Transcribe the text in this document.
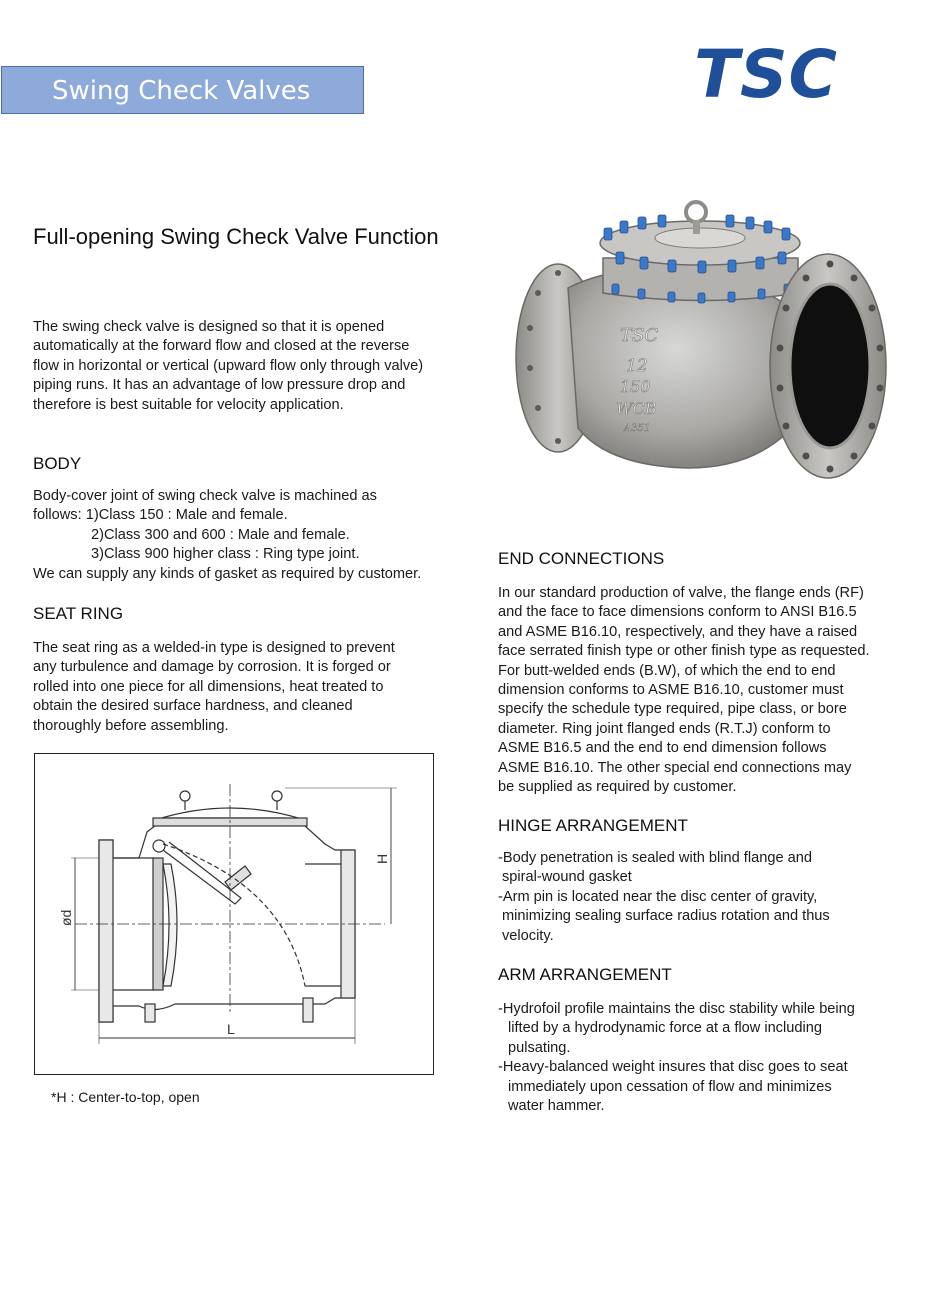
Swing Check Valves	TSC
Full-opening Swing Check Valve Function

The swing check valve is designed so that it is opened

automatically at the forward flow and closed at the reverse

flow in horizontal or vertical (upward flow only through valve)

piping runs. It has an advantage of low pressure drop and

therefore is best suitable for velocity application.

BODY

Body-cover joint of swing check valve is machined as

follows: 1)Class 150 : Male and female.

2)Class 300 and 600 : Male and female.

3)Class 900 higher class : Ring type joint.

We can supply any kinds of gasket as required by customer.

SEAT RING

The seat ring as a welded-in type is designed to prevent

any turbulence and damage by corrosion. It is forged or

rolled into one piece for all dimensions, heat treated to

obtain the desired surface hardness, and cleaned

thoroughly before assembling.

TSC
12
150
WCB
A351
END CONNECTIONS

In our standard production of valve, the flange ends (RF)

and the face to face dimensions conform to ANSI B16.5

and ASME B16.10, respectively, and they have a raised

face serrated finish type or other finish type as requested.

For butt-welded ends (B.W), of which the end to end

dimension conforms to ASME B16.10, customer must

specify the schedule type required, pipe class, or bore

diameter. Ring joint flanged ends (R.T.J) conform to

ASME B16.5 and the end to end dimension follows

ASME B16.10. The other special end connections may

be supplied as required by customer.

HINGE ARRANGEMENT

-Body penetration is sealed with blind flange and

spiral-wound gasket

-Arm pin is located near the disc center of gravity,

minimizing sealing surface radius rotation and thus

velocity.

ARM ARRANGEMENT

-Hydrofoil profile maintains the disc stability while being

lifted by a hydrodynamic force at a flow including

pulsating.

-Heavy-balanced weight insures that disc goes to seat

immediately upon cessation of flow and minimizes

water hammer.

ød
H
L
*H : Center-to-top, open
